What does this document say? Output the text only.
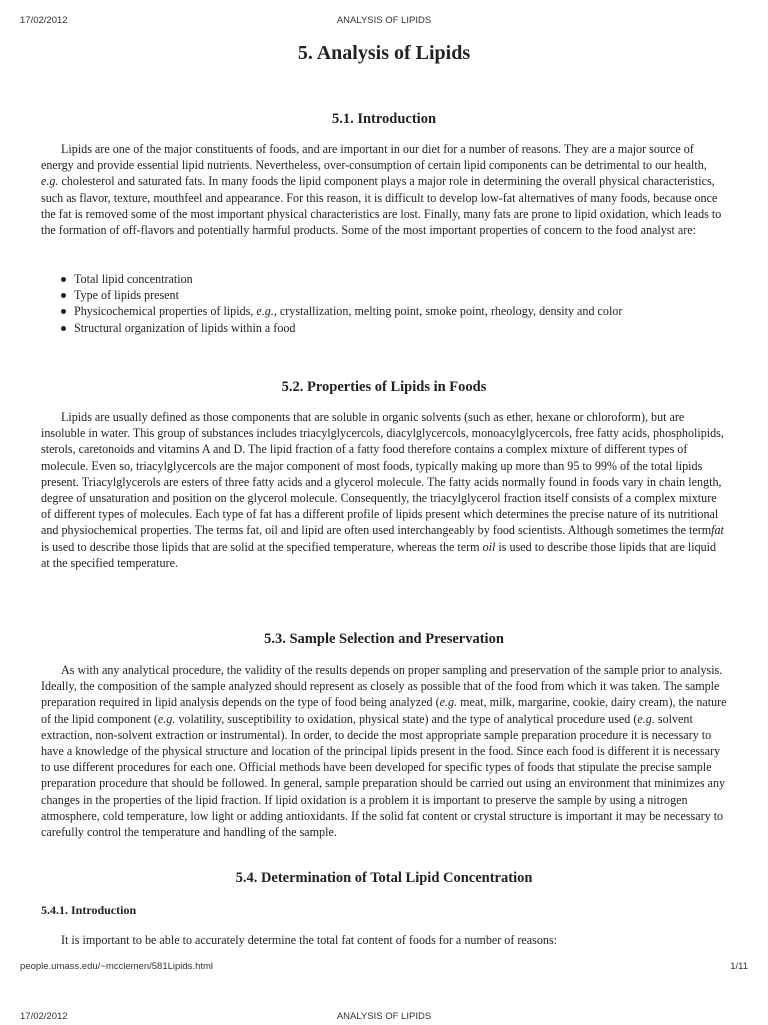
17/02/2012	ANALYSIS OF LIPIDS
5. Analysis of Lipids
5.1. Introduction

Lipids are one of the major constituents of foods, and are important in our diet for a number of reasons. They are a major source of energy and provide essential lipid nutrients. Nevertheless, over-consumption of certain lipid components can be detrimental to our health, e.g. cholesterol and saturated fats. In many foods the lipid component plays a major role in determining the overall physical characteristics, such as flavor, texture, mouthfeel and appearance. For this reason, it is difficult to develop low-fat alternatives of many foods, because once the fat is removed some of the most important physical characteristics are lost. Finally, many fats are prone to lipid oxidation, which leads to the formation of off-flavors and potentially harmful products. Some of the most important properties of concern to the food analyst are:

Total lipid concentration
Type of lipids present
Physicochemical properties of lipids, e.g., crystallization, melting point, smoke point, rheology, density and color
Structural organization of lipids within a food
5.2. Properties of Lipids in Foods

Lipids are usually defined as those components that are soluble in organic solvents (such as ether, hexane or chloroform), but are insoluble in water. This group of substances includes triacylglycercols, diacylglycercols, monoacylglycercols, free fatty acids, phospholipids, sterols, caretonoids and vitamins A and D. The lipid fraction of a fatty food therefore contains a complex mixture of different types of molecule. Even so, triacylglycercols are the major component of most foods, typically making up more than 95 to 99% of the total lipids present. Triacylglycerols are esters of three fatty acids and a glycerol molecule. The fatty acids normally found in foods vary in chain length, degree of unsaturation and position on the glycerol molecule. Consequently, the triacylglycerol fraction itself consists of a complex mixture of different types of molecules. Each type of fat has a different profile of lipids present which determines the precise nature of its nutritional and physiochemical properties. The terms fat, oil and lipid are often used interchangeably by food scientists. Although sometimes the termfat is used to describe those lipids that are solid at the specified temperature, whereas the term oil is used to describe those lipids that are liquid at the specified temperature.

5.3. Sample Selection and Preservation

As with any analytical procedure, the validity of the results depends on proper sampling and preservation of the sample prior to analysis. Ideally, the composition of the sample analyzed should represent as closely as possible that of the food from which it was taken. The sample preparation required in lipid analysis depends on the type of food being analyzed (e.g. meat, milk, margarine, cookie, dairy cream), the nature of the lipid component (e.g. volatility, susceptibility to oxidation, physical state) and the type of analytical procedure used (e.g. solvent extraction, non-solvent extraction or instrumental). In order, to decide the most appropriate sample preparation procedure it is necessary to have a knowledge of the physical structure and location of the principal lipids present in the food. Since each food is different it is necessary to use different procedures for each one. Official methods have been developed for specific types of foods that stipulate the precise sample preparation procedure that should be followed. In general, sample preparation should be carried out using an environment that minimizes any changes in the properties of the lipid fraction. If lipid oxidation is a problem it is important to preserve the sample by using a nitrogen atmosphere, cold temperature, low light or adding antioxidants. If the solid fat content or crystal structure is important it may be necessary to carefully control the temperature and handling of the sample.

5.4. Determination of Total Lipid Concentration
5.4.1. Introduction

It is important to be able to accurately determine the total fat content of foods for a number of reasons:

people.umass.edu/~mcclemen/581Lipids.html	1/11
17/02/2012	ANALYSIS OF LIPIDS
